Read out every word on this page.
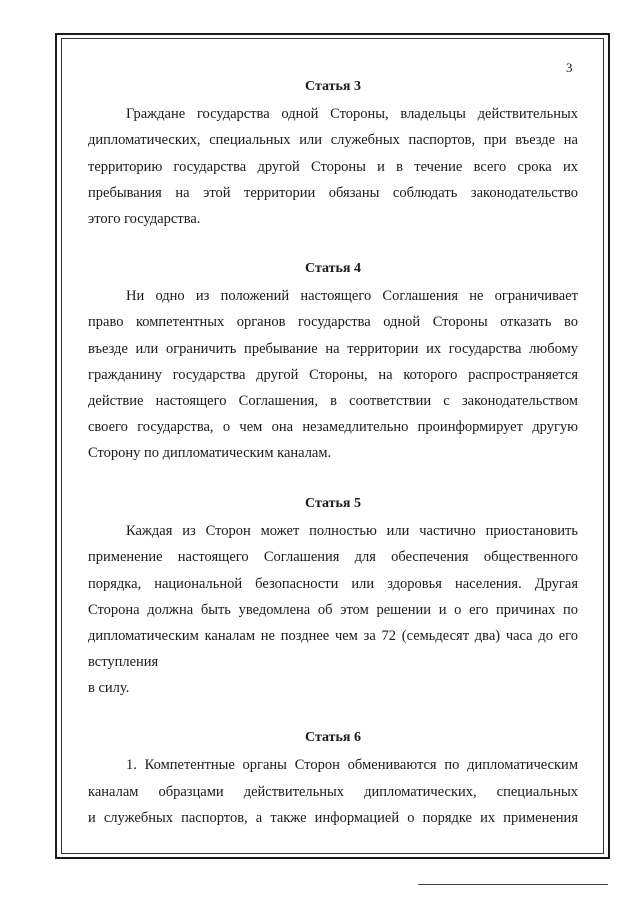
3
Статья 3
Граждане государства одной Стороны, владельцы действительных
дипломатических, специальных или служебных паспортов, при въезде на
территорию государства другой Стороны и в течение всего срока их
пребывания на этой территории обязаны соблюдать законодательство
этого государства.
Статья 4
Ни одно из положений настоящего Соглашения не ограничивает
право компетентных органов государства одной Стороны отказать во
въезде или ограничить пребывание на территории их государства любому
гражданину государства другой Стороны, на которого распространяется
действие настоящего Соглашения, в соответствии с законодательством
своего государства, о чем она незамедлительно проинформирует другую
Сторону по дипломатическим каналам.
Статья 5
Каждая из Сторон может полностью или частично приостановить
применение настоящего Соглашения для обеспечения общественного
порядка, национальной безопасности или здоровья населения. Другая
Сторона должна быть уведомлена об этом решении и о его причинах по
дипломатическим каналам не позднее чем за 72 (семьдесят два) часа до его
вступления
в силу.
Статья 6
1. Компетентные органы Сторон обмениваются по дипломатическим
каналам образцами действительных дипломатических, специальных
и служебных паспортов, а также информацией о порядке их применения
